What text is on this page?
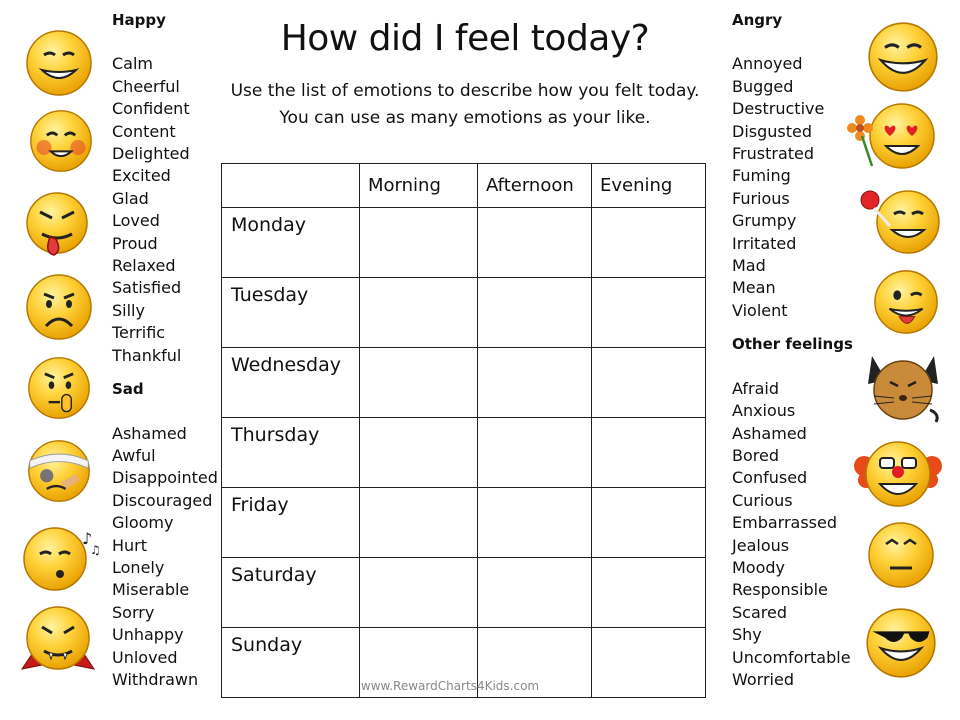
Happy
Calm
Cheerful
Confident
Content
Delighted
Excited
Glad
Loved
Proud
Relaxed
Satisfied
Silly
Terrific
Thankful
Sad
Ashamed
Awful
Disappointed
Discouraged
Gloomy
Hurt
Lonely
Miserable
Sorry
Unhappy
Unloved
Withdrawn
Angry
Annoyed
Bugged
Destructive
Disgusted
Frustrated
Fuming
Furious
Grumpy
Irritated
Mad
Mean
Violent
Other feelings
Afraid
Anxious
Ashamed
Bored
Confused
Curious
Embarrassed
Jealous
Moody
Responsible
Scared
Shy
Uncomfortable
Worried
How did I feel today?
Use the list of emotions to describe how you felt today.
You can use as many emotions as your like.
	Morning	Afternoon	Evening
Monday			
Tuesday			
Wednesday			
Thursday			
Friday			
Saturday			
Sunday			
www.RewardCharts4Kids.com
♪
♫
